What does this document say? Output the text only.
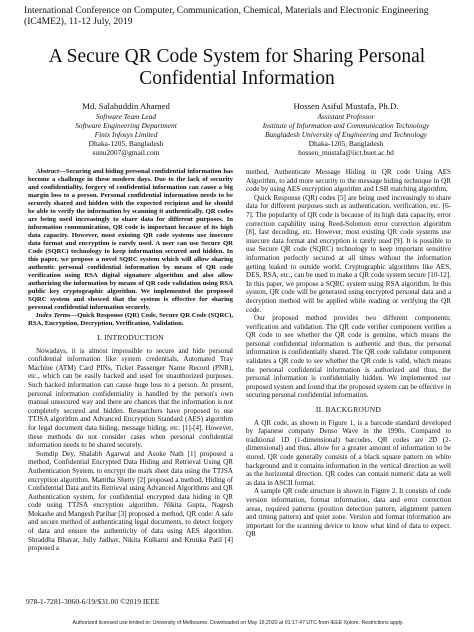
International Conference on Computer, Communication, Chemical, Materials and Electronic Engineering (IC4ME2), 11-12 July, 2019
A Secure QR Code System for Sharing Personal Confidential Information
Md. Salahuddin Ahamed
Software Team Lead
Software Engineering Department
Finix Infosys Limited
Dhaka-1205, Bangladesh
sunu2007@gmail.com
Hossen Asiful Mustafa, Ph.D.
Assistant Professor
Institute of Information and Communication Technology
Bangladesh University of Engineering and Technology
Dhaka-1205, Bangladesh
hossen_mustafa@iict.buet.ac.bd

Abstract—Securing and hiding personal confidential information has become a challenge in these modern days. Due to the lack of security and confidentiality, forgery of confidential information can cause a big margin loss to a person. Personal confidential information needs to be securely shared and hidden with the expected recipient and he should be able to verify the information by scanning it authentically. QR codes are being used increasingly to share data for different purposes. In information communication, QR code is important because of its high data capacity. However, most existing QR code systems use insecure data format and encryption is rarely used. A user can use Secure QR Code (SQRC) technology to keep information secured and hidden. In this paper, we propose a novel SQRC system which will allow sharing authentic personal confidential information by means of QR code verification using RSA digital signature algorithm and also allow authorizing the information by means of QR code validation using RSA public key cryptographic algorithm. We implemented the proposed SQRC system and showed that the system is effective for sharing personal confidential information securely.

Index Terms—Quick Response (QR) Code, Secure QR Code (SQRC), RSA, Encryption, Decryption, Verification, Validation.

I. INTRODUCTION

Nowadays, it is almost impossible to secure and hide personal confidential information like system credentials, Automated Tray Machine (ATM) Card PINs, Ticket Passenger Name Record (PNR), etc., which can be easily hacked and used for unauthorized purposes. Such hacked information can cause huge loss to a person. At present, personal information confidentiality is handled by the person's own manual unsecured way and there are chances that the information is not completely secured and hidden. Researchers have proposed to use TTJSA algorithm and Advanced Encryption Standard (AES) algorithm for legal document data hiding, message hiding, etc. [1]-[4]. However, these methods do not consider cases when personal confidential information needs to be shared securely.

Somdip Dey, Shalabh Agarwal and Asoke Nath [1] proposed a method, Confidential Encrypted Data Hiding and Retrieval Using QR Authentication System, to encrypt the mark sheet data using the TTJSA encryption algorithm. Mamtha Shetty [2] proposed a method, Hiding of Confidential Data and its Retrieval using Advanced Algorithms and QR Authentication system, for confidential encrypted data hiding in QR code using TTJSA encryption algorithm. Nikita Gupta, Nagesh Mokashe and Mangesh Parihar [3] proposed a method, QR code: A safe and secure method of authenticating legal documents, to detect forgery of data and ensure the authenticity of data using AES algorithm. Shraddha Bhavar, Juily Jadhav, Nikita Kulkarni and Krutika Patil [4] proposed a

method, Authenticate Message Hiding in QR code Using AES Algorithm, to add more security to the message hiding technique in QR code by using AES encryption algorithm and LSB matching algorithm.

Quick Response (QR) codes [5] are being used increasingly to share data for different purposes such as authentication, verification, etc. [6-7]. The popularity of QR code is because of its high data capacity, error correction capability using Reed-Solomon error correction algorithm [8], fast decoding, etc. However, most existing QR code systems use insecure data format and encryption is rarely used [9]. It is possible to use Secure QR code (SQRC) technology to keep important sensitive information perfectly secured at all times without the information getting leaked to outside world. Cryptographic algorithms like AES, DES, RSA, etc., can be used to make a QR code system secure [10-12]. In this paper, we propose a SQRC system using RSA algorithm. In this system, QR code will be generated using encrypted personal data and a decryption method will be applied while reading or verifying the QR code.

Our proposed method provides two different components: verification and validation. The QR code verifier component verifies a QR code to see whether the QR code is genuine, which means the personal confidential information is authentic and thus, the personal information is confidentially shared. The QR code validator component validates a QR code to see whether the QR code is valid, which means the personal confidential information is authorized and thus, the personal information is confidentially hidden. We implemented our proposed system and found that the proposed system can be effective in securing personal confidential information.

II. BACKGROUND

A QR code, as shown in Figure 1, is a barcode standard developed by Japanese company Denso Wave in the 1990s. Compared to traditional 1D (1-dimensional) barcodes, QR codes are 2D (2-dimensional) and thus, allow for a greater amount of information to be stored. QR code generally consists of a black square pattern on white background and it contains information in the vertical direction as well as the horizontal direction. QR codes can contain numeric data as well as data in ASCII format.

A sample QR code structure is shown in Figure 2. It consists of code version information, format information, data and error correction areas, required patterns (position detection pattern, alignment pattern and timing pattern) and quiet zone. Version and format information are important for the scanning device to know what kind of data to expect. QR

978-1-7281-3060-6/19/$31.00 ©2019 IEEE
Authorized licensed use limited to: University of Melbourne. Downloaded on May 16,2020 at 01:17:47 UTC from IEEE Xplore. Restrictions apply.
